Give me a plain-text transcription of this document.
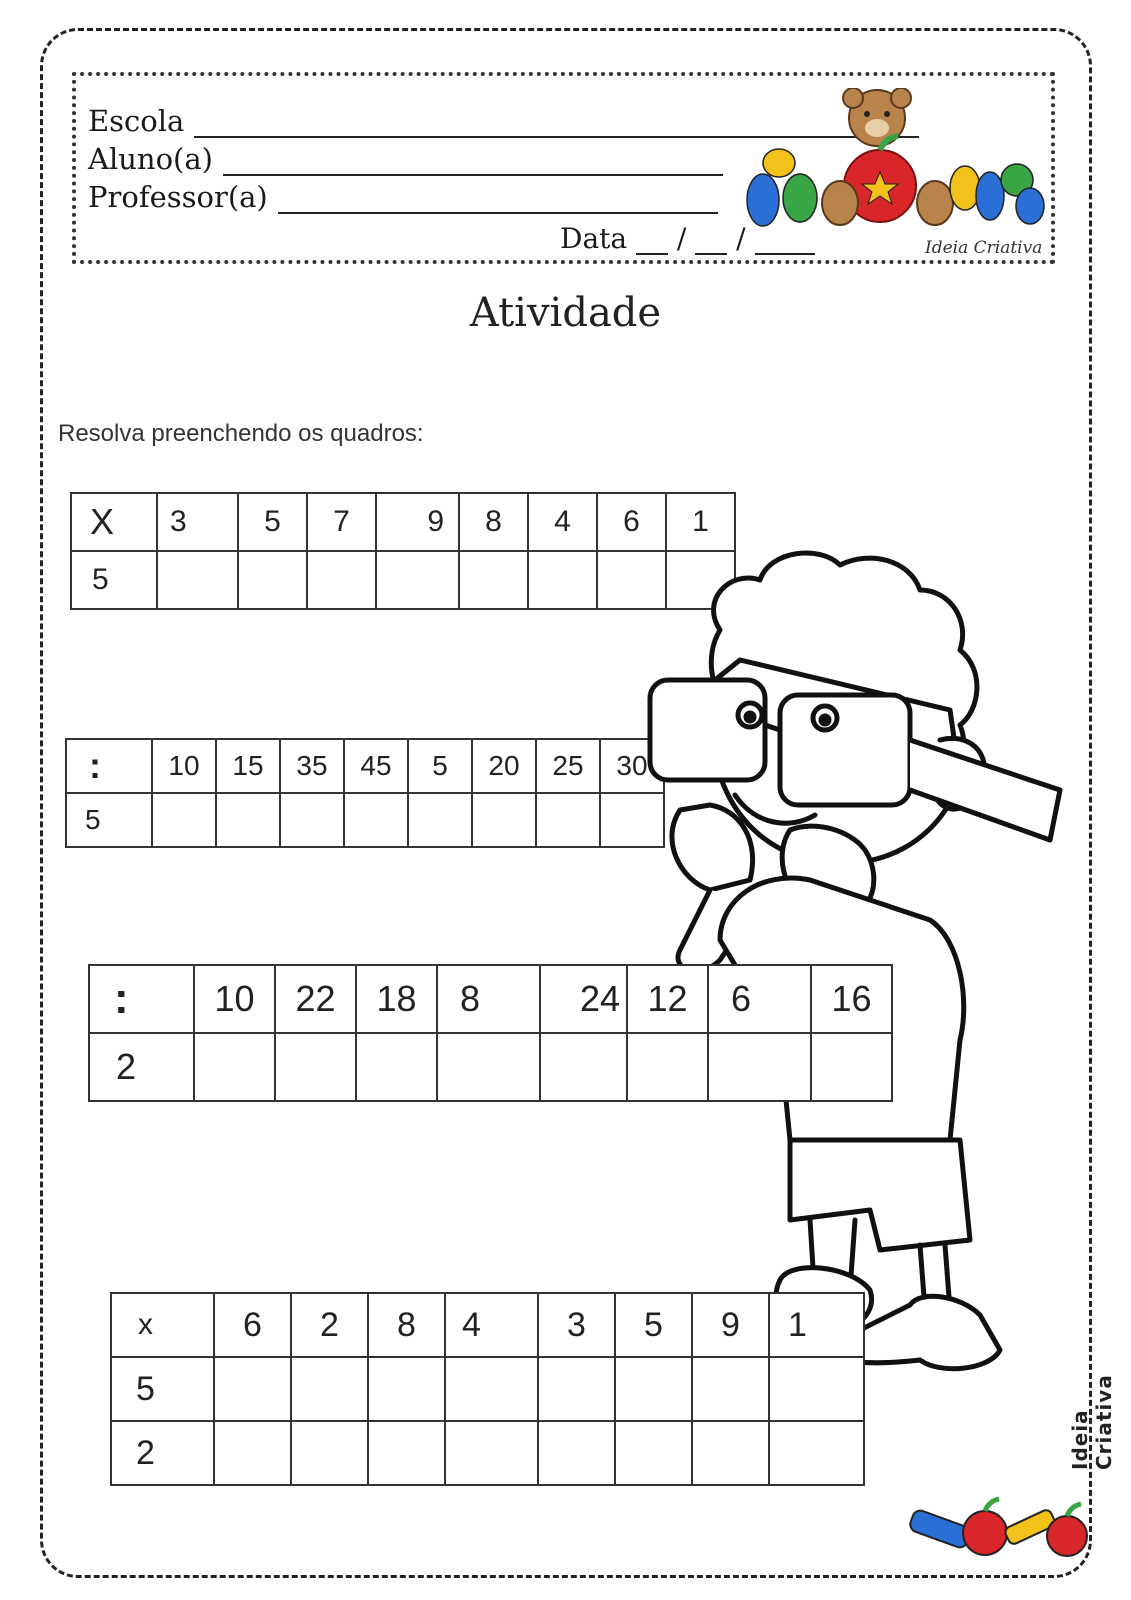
Escola
Aluno(a)
Professor(a)
Data / /	Ideia Criativa
Atividade
Resolva preenchendo os quadros:
X	3	5	7	9	8	4	6	1
5								
:	10	15	35	45	5	20	25	30
5								
:	10	22	18	8	24	12	6	16
2								
x	6	2	8	4	3	5	9	1
5								
2									Ideia Criativa
